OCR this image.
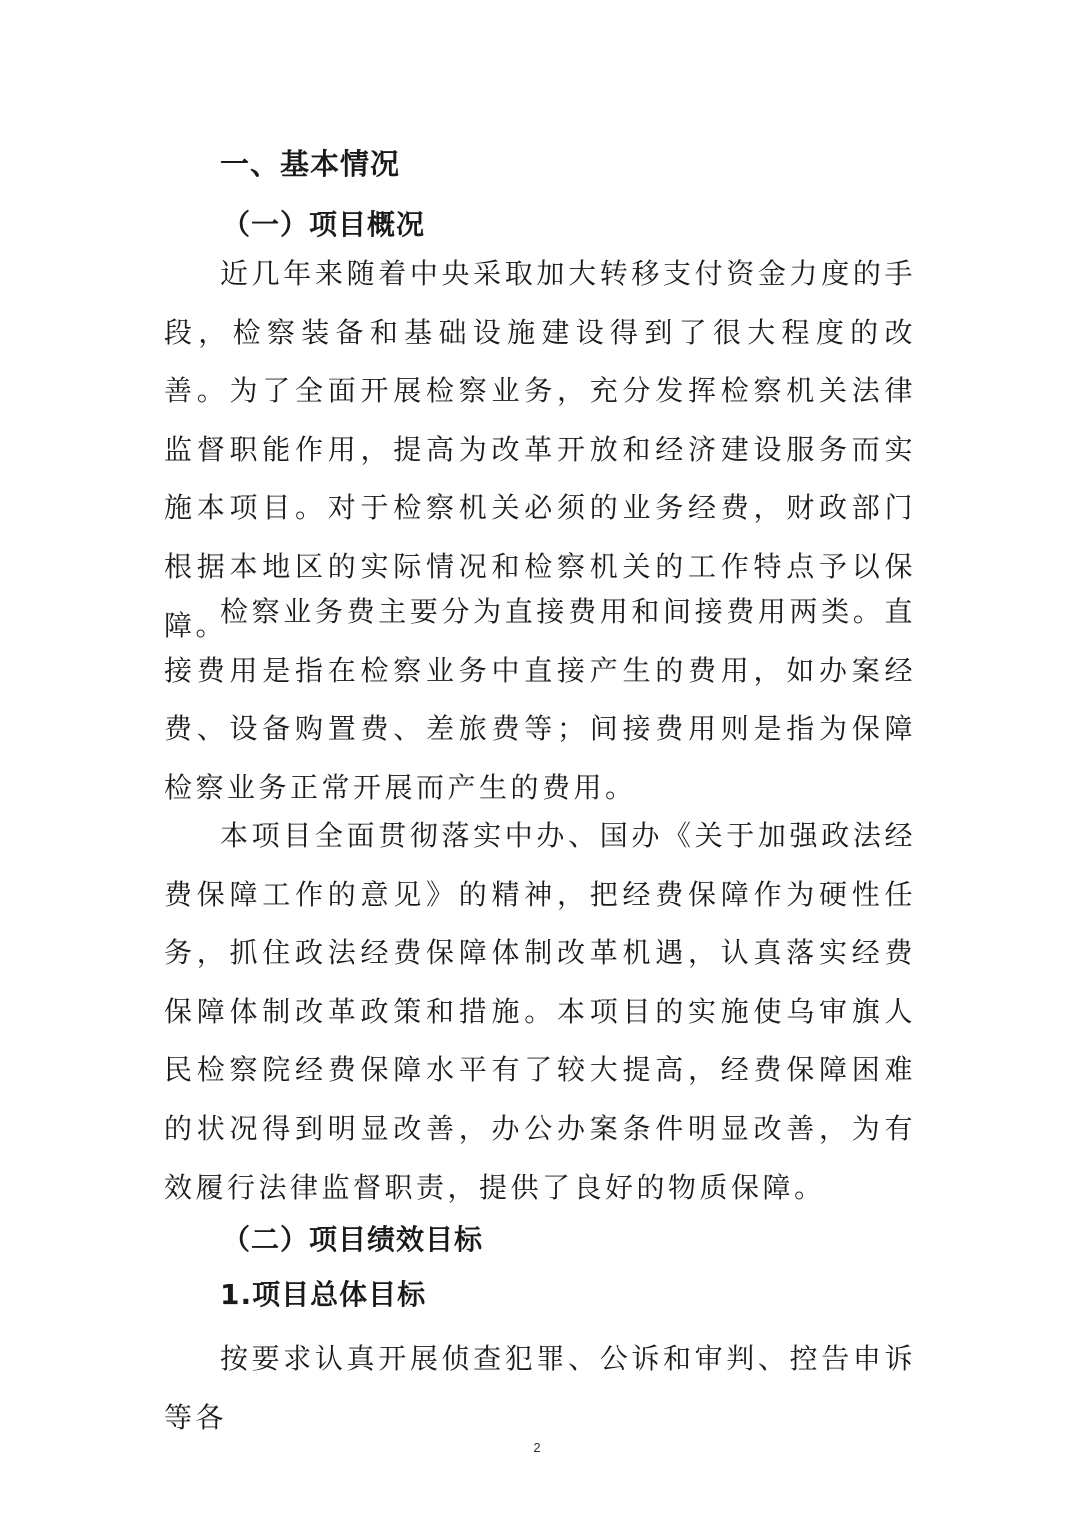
一、基本情况
（一）项目概况

近几年来随着中央采取加大转移支付资金力度的手段，检察装备和基础设施建设得到了很大程度的改善。为了全面开展检察业务，充分发挥检察机关法律监督职能作用，提高为改革开放和经济建设服务而实施本项目。对于检察机关必须的业务经费，财政部门根据本地区的实际情况和检察机关的工作特点予以保障。

检察业务费主要分为直接费用和间接费用两类。直接费用是指在检察业务中直接产生的费用，如办案经费、设备购置费、差旅费等；间接费用则是指为保障检察业务正常开展而产生的费用。

本项目全面贯彻落实中办、国办《关于加强政法经费保障工作的意见》的精神，把经费保障作为硬性任务，抓住政法经费保障体制改革机遇，认真落实经费保障体制改革政策和措施。本项目的实施使乌审旗人民检察院经费保障水平有了较大提高，经费保障困难的状况得到明显改善，办公办案条件明显改善，为有效履行法律监督职责，提供了良好的物质保障。

（二）项目绩效目标
1.项目总体目标

按要求认真开展侦查犯罪、公诉和审判、控告申诉等各

2
